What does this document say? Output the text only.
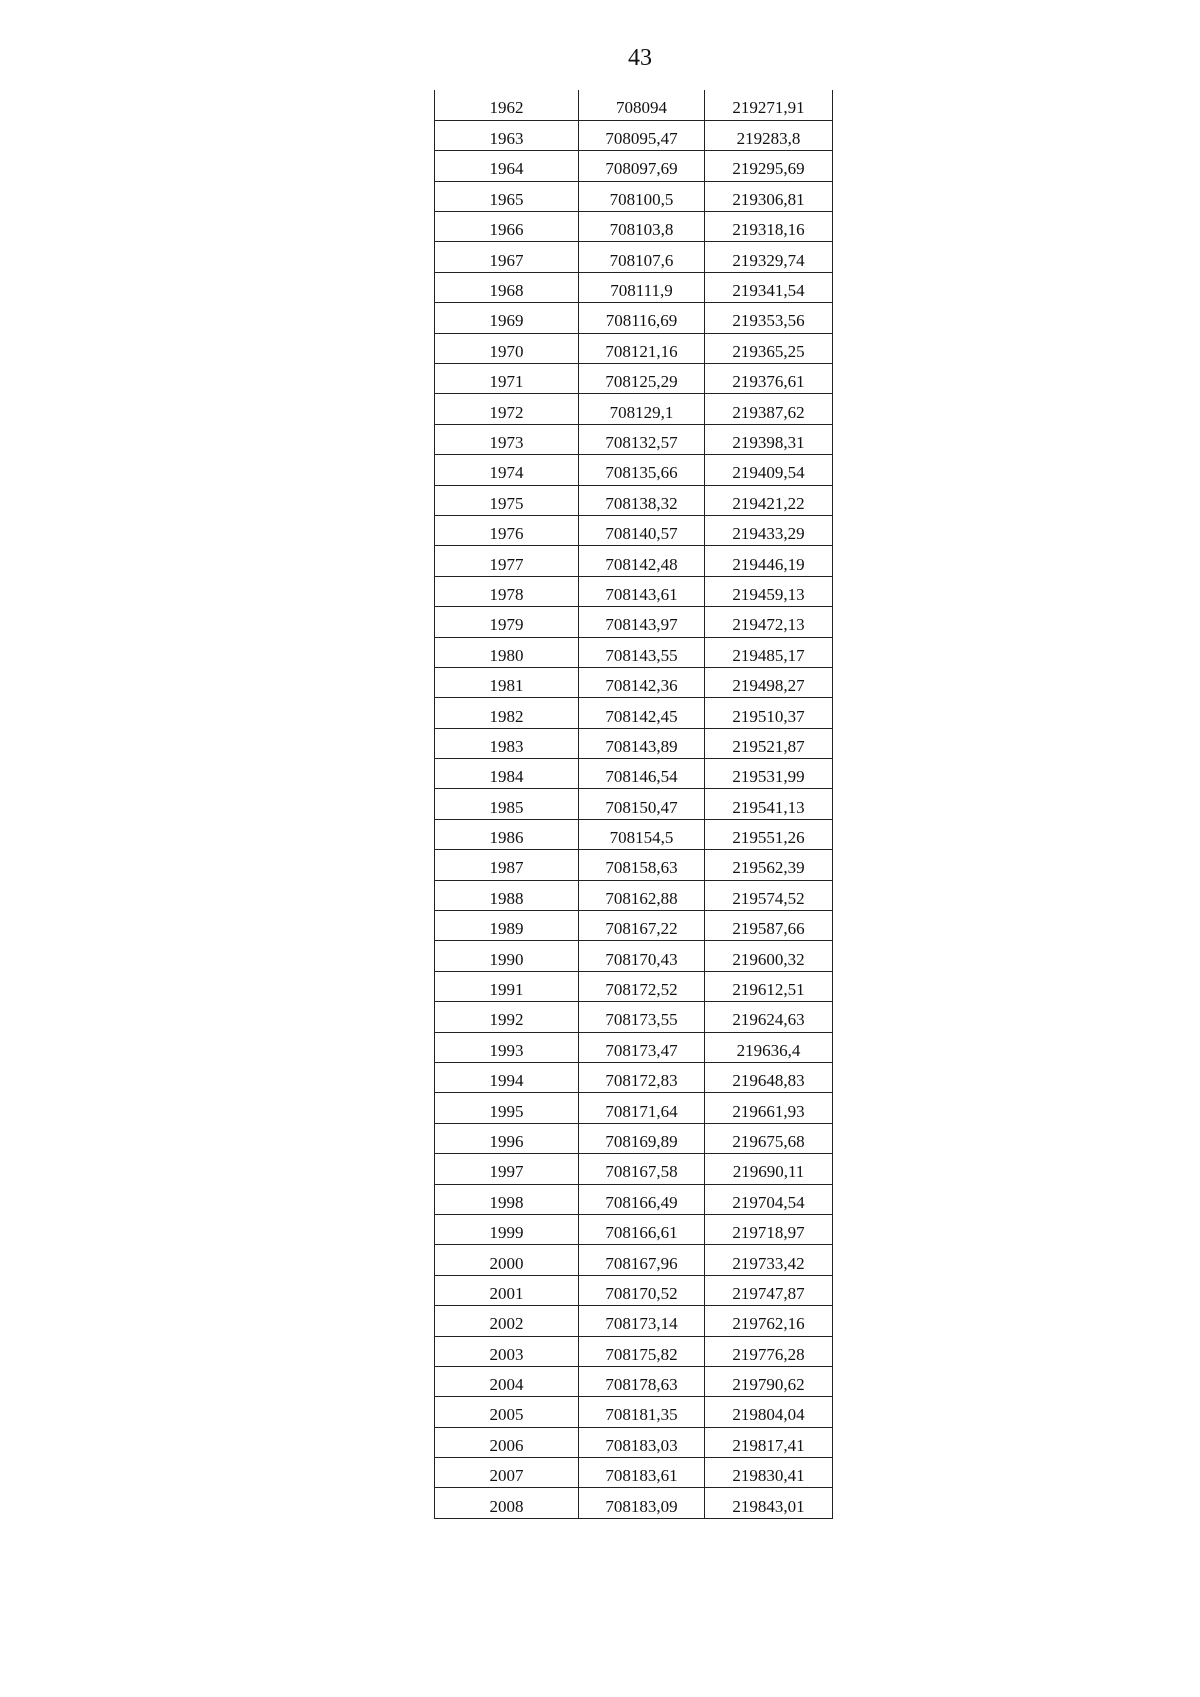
43
1962	708094	219271,91
1963	708095,47	219283,8
1964	708097,69	219295,69
1965	708100,5	219306,81
1966	708103,8	219318,16
1967	708107,6	219329,74
1968	708111,9	219341,54
1969	708116,69	219353,56
1970	708121,16	219365,25
1971	708125,29	219376,61
1972	708129,1	219387,62
1973	708132,57	219398,31
1974	708135,66	219409,54
1975	708138,32	219421,22
1976	708140,57	219433,29
1977	708142,48	219446,19
1978	708143,61	219459,13
1979	708143,97	219472,13
1980	708143,55	219485,17
1981	708142,36	219498,27
1982	708142,45	219510,37
1983	708143,89	219521,87
1984	708146,54	219531,99
1985	708150,47	219541,13
1986	708154,5	219551,26
1987	708158,63	219562,39
1988	708162,88	219574,52
1989	708167,22	219587,66
1990	708170,43	219600,32
1991	708172,52	219612,51
1992	708173,55	219624,63
1993	708173,47	219636,4
1994	708172,83	219648,83
1995	708171,64	219661,93
1996	708169,89	219675,68
1997	708167,58	219690,11
1998	708166,49	219704,54
1999	708166,61	219718,97
2000	708167,96	219733,42
2001	708170,52	219747,87
2002	708173,14	219762,16
2003	708175,82	219776,28
2004	708178,63	219790,62
2005	708181,35	219804,04
2006	708183,03	219817,41
2007	708183,61	219830,41
2008	708183,09	219843,01
